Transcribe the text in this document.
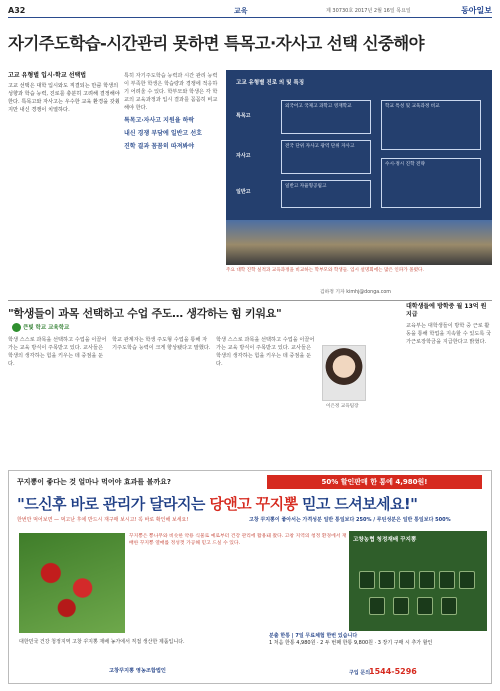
A32	교육	제 30730호 2017년 2월 16일 목요일	동아일보
자기주도학습-시간관리 못하면 특목고·자사고 선택 신중해야
고교 유형별 입시·학교 선택법
고교 선택은 대학 입시와도 직결되는 만큼 학생의 성향과 학습 능력, 진로를 충분히 고려해 결정해야 한다. 특목고와 자사고는 우수한 교육 환경을 갖췄지만 내신 경쟁이 치열하다.
특히 자기주도학습 능력과 시간 관리 능력이 부족한 학생은 학습량과 경쟁에 적응하기 어려울 수 있다. 학부모와 학생은 각 학교의 교육과정과 입시 결과를 꼼꼼히 비교해야 한다.
특목고·자사고 지원율 하락
내신 경쟁 부담에 일반고 선호
진학 결과 꼼꼼히 따져봐야
고교 유형별 진로 의 및 특징
특목고
자사고
일반고
외국어고 국제고 과학고 영재학교
전국 단위 자사고 광역 단위 자사고
일반고 자율형공립고
학교 특성 및 교육과정 비교
수시·정시 진학 전략
주요 대학 진학 실적과 교육과정을 비교하는 학부모와 학생들. 입시 설명회에는 많은 인파가 몰렸다.
김하정 기자 kimhj@donga.com
"학생들이 과목 선택하고 수업 주도… 생각하는 힘 키워요"
큰빛 학교 교육학교
학생 스스로 과목을 선택하고 수업을 이끌어가는 교육 방식이 주목받고 있다. 교사들은 학생의 생각하는 힘을 키우는 데 중점을 둔다.
학교 관계자는 학생 주도형 수업을 통해 자기주도학습 능력이 크게 향상됐다고 말했다.
학생 스스로 과목을 선택하고 수업을 이끌어가는 교육 방식이 주목받고 있다. 교사들은 학생의 생각하는 힘을 키우는 데 중점을 둔다.
이은정 교육팀장
대학생들에 방학중 월 13억 원 지급
교육부는 대학생들이 방학 중 근로 활동을 통해 학업을 지속할 수 있도록 국가근로장학금을 지급한다고 밝혔다.
꾸지뽕이 좋다는 것 얼마나 먹어야 효과를 볼까요?	50% 할인판매 한 통에 4,980원!
"드신후 바로 관리가 달라지는 당앤고 꾸지뽕 믿고 드셔보세요!"
한번만 먹어보면 — 먹고난 후에 반드시 재구매 보시고! 꼭 바로 확인해 보세요!	고창 꾸지뽕이 좋아서는 가격성분 일반 통일보다 250% / 루틴성분은 일반 통일보다 500%
꾸지뽕은 뽕나무와 비슷한 약용 식물로 예로부터 건강 관리에 활용돼 왔다. 고창 지역의 청정 환경에서 재배한 꾸지뽕 열매를 정성껏 가공해 믿고 드실 수 있다.
고창농협 청정재배 꾸지뽕
분출 한통 | 7일 무료체험 한번 있습니다
1 처음 한통 4,980원 · 2 두 번째 한통 9,800원 · 3 장기 구매 시 추가 할인
대한민국 건강 청정지역 고창 꾸지뽕 재배 농가에서 직접 생산한 제품입니다.
고창꾸지뽕 영농조합법인	구입 문의
1544-5296
